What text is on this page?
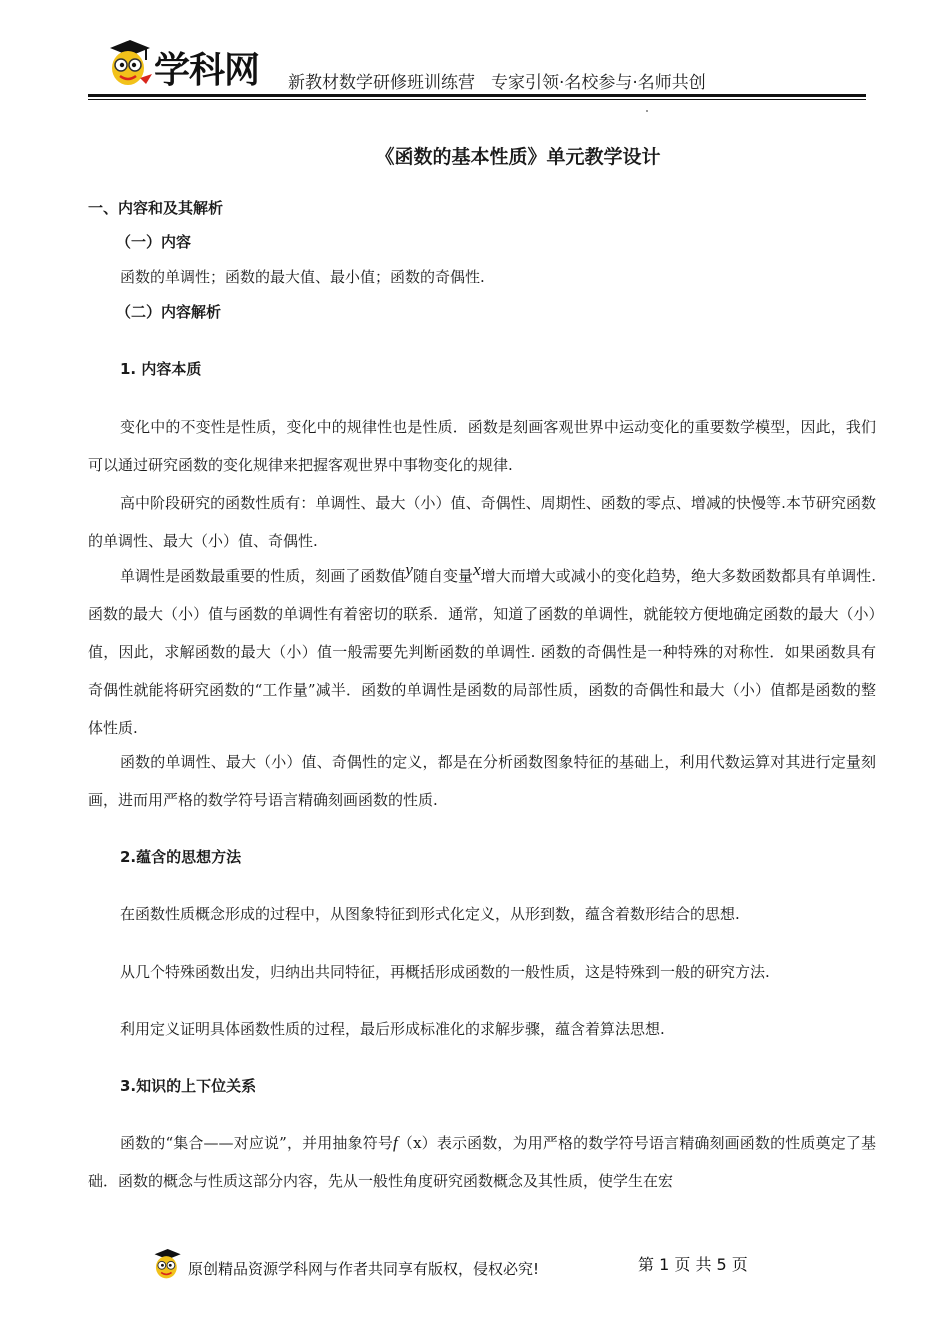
学科网 新教材数学研修班训练营 专家引领·名校参与·名师共创
《函数的基本性质》单元教学设计
一、内容和及其解析
（一）内容
函数的单调性；函数的最大值、最小值；函数的奇偶性.
（二）内容解析
1. 内容本质
变化中的不变性是性质，变化中的规律性也是性质．函数是刻画客观世界中运动变化的重要数学模型，因此，我们可以通过研究函数的变化规律来把握客观世界中事物变化的规律.
高中阶段研究的函数性质有：单调性、最大（小）值、奇偶性、周期性、函数的零点、增减的快慢等.本节研究函数的单调性、最大（小）值、奇偶性.
单调性是函数最重要的性质，刻画了函数值y随自变量x增大而增大或减小的变化趋势，绝大多数函数都具有单调性. 函数的最大（小）值与函数的单调性有着密切的联系．通常，知道了函数的单调性，就能较方便地确定函数的最大（小）值，因此，求解函数的最大（小）值一般需要先判断函数的单调性. 函数的奇偶性是一种特殊的对称性．如果函数具有奇偶性就能将研究函数的“工作量”减半．函数的单调性是函数的局部性质，函数的奇偶性和最大（小）值都是函数的整体性质.
函数的单调性、最大（小）值、奇偶性的定义，都是在分析函数图象特征的基础上，利用代数运算对其进行定量刻画，进而用严格的数学符号语言精确刻画函数的性质.
2.蕴含的思想方法
在函数性质概念形成的过程中，从图象特征到形式化定义，从形到数，蕴含着数形结合的思想.
从几个特殊函数出发，归纳出共同特征，再概括形成函数的一般性质，这是特殊到一般的研究方法.
利用定义证明具体函数性质的过程，最后形成标准化的求解步骤，蕴含着算法思想.
3.知识的上下位关系
函数的“集合——对应说”，并用抽象符号f（x）表示函数，为用严格的数学符号语言精确刻画函数的性质奠定了基础．函数的概念与性质这部分内容，先从一般性角度研究函数概念及其性质，使学生在宏
原创精品资源学科网与作者共同享有版权，侵权必究!	第 1 页 共 5 页
